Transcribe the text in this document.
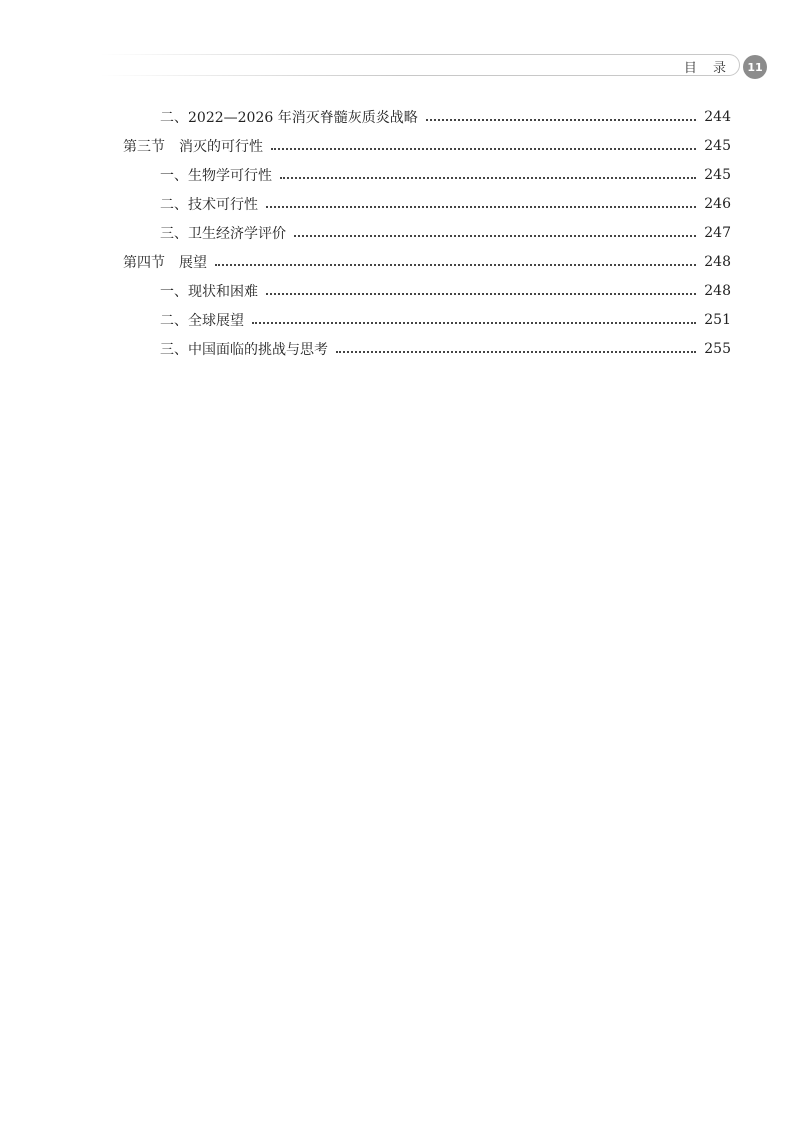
目 录	11
二、2022—2026 年消灭脊髓灰质炎战略	244
第三节　消灭的可行性	245
一、生物学可行性	245
二、技术可行性	246
三、卫生经济学评价	247
第四节　展望	248
一、现状和困难	248
二、全球展望	251
三、中国面临的挑战与思考	255
